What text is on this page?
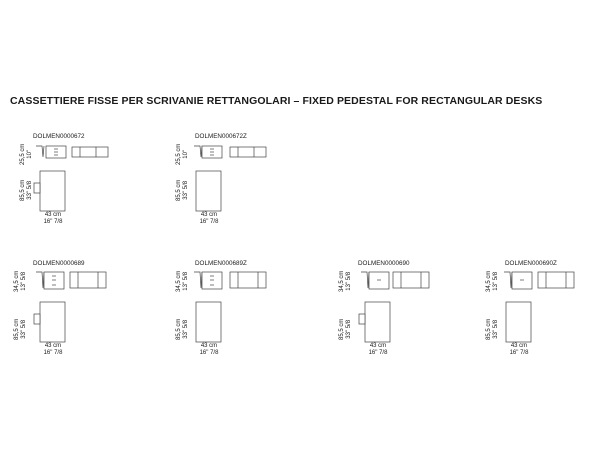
CASSETTIERE FISSE PER SCRIVANIE RETTANGOLARI – FIXED PEDESTAL FOR RECTANGULAR DESKS
DOLMEN0000672
25,5 cm
10"
85,5 cm
33" 5/8
43 cm
16" 7/8
DOLMEN000672Z
25,5 cm
10"
85,5 cm
33" 5/8
43 cm
16" 7/8
DOLMEN0000689
34,5 cm
13" 5/8
85,5 cm
33" 5/8
43 cm
16" 7/8
DOLMEN000689Z
34,5 cm
13" 5/8
85,5 cm
33" 5/8
43 cm
16" 7/8
DOLMEN0000690
34,5 cm
13" 5/8
85,5 cm
33" 5/8
43 cm
16" 7/8
DOLMEN000690Z
34,5 cm
13" 5/8
85,5 cm
33" 5/8
43 cm
16" 7/8
